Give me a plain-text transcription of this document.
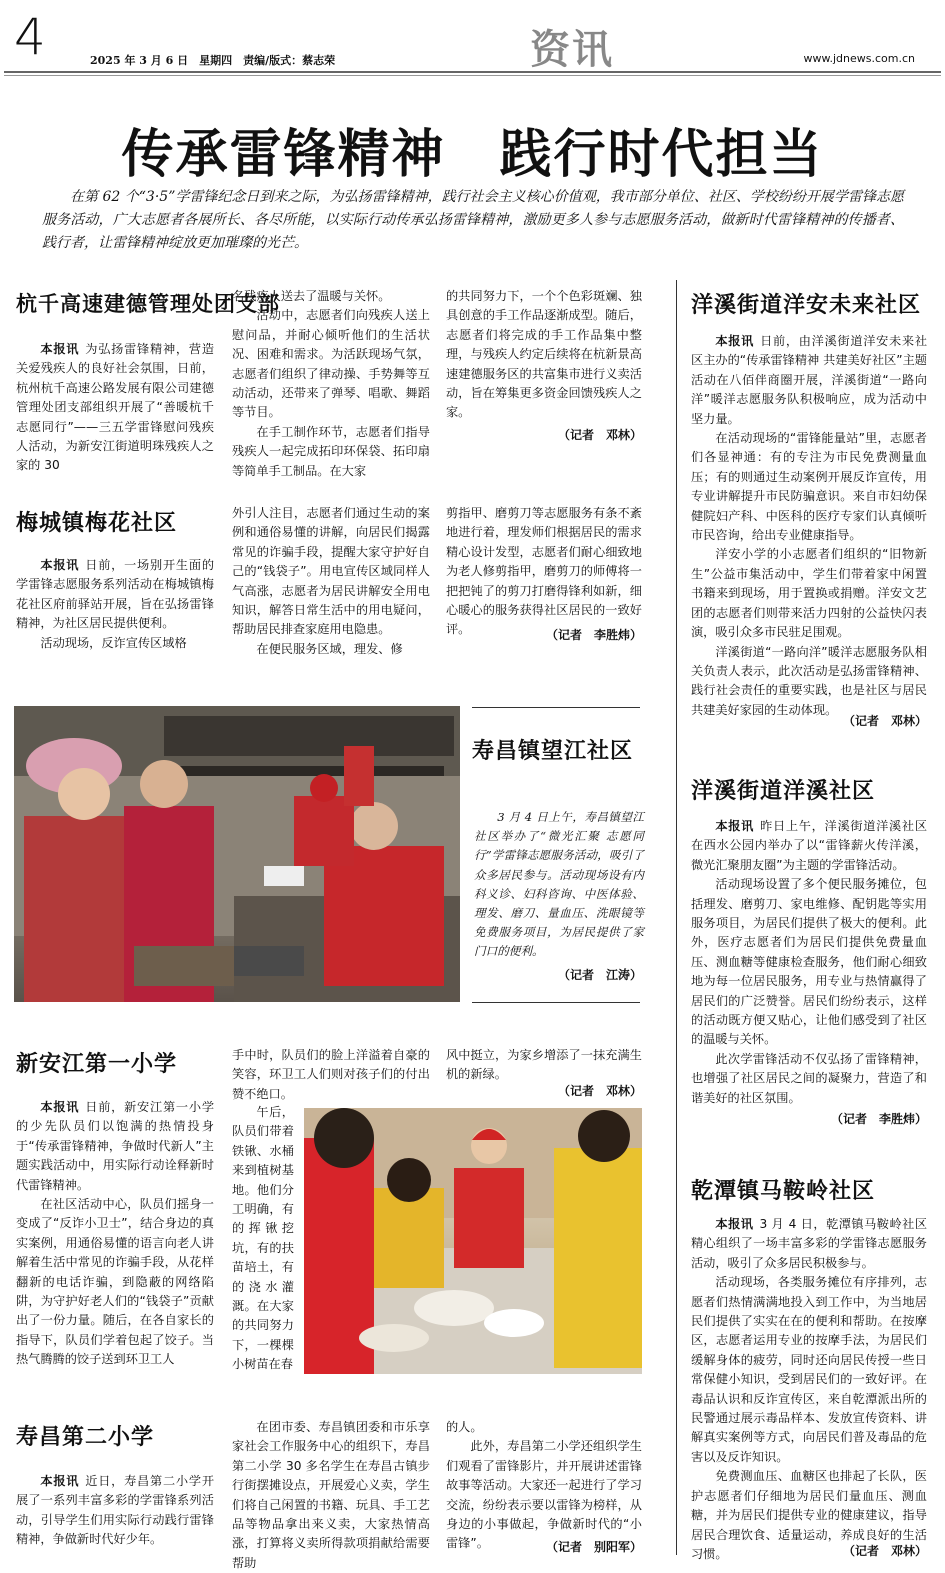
4	2025 年 3 月 6 日　星期四　责编/版式：蔡志荣	资讯	www.jdnews.com.cn
传承雷锋精神　践行时代担当
在第 62 个“3·5”学雷锋纪念日到来之际，为弘扬雷锋精神，践行社会主义核心价值观，我市部分单位、社区、学校纷纷开展学雷锋志愿服务活动，广大志愿者各展所长、各尽所能，以实际行动传承弘扬雷锋精神，激励更多人参与志愿服务活动，做新时代雷锋精神的传播者、践行者，让雷锋精神绽放更加璀璨的光芒。
杭千高速建德管理处团支部

本报讯 为弘扬雷锋精神，营造关爱残疾人的良好社会氛围，日前，杭州杭千高速公路发展有限公司建德管理处团支部组织开展了“善暖杭千 志愿同行”——三五学雷锋慰问残疾人活动，为新安江街道明珠残疾人之家的 30

名残疾人送去了温暖与关怀。

活动中，志愿者们向残疾人送上慰问品，并耐心倾听他们的生活状况、困难和需求。为活跃现场气氛，志愿者们组织了律动操、手势舞等互动活动，还带来了弹琴、唱歌、舞蹈等节目。

在手工制作环节，志愿者们指导残疾人一起完成拓印环保袋、拓印扇等简单手工制品。在大家

的共同努力下，一个个色彩斑斓、独具创意的手工作品逐渐成型。随后，志愿者们将完成的手工作品集中整理，与残疾人约定后续将在杭新景高速建德服务区的共富集市进行义卖活动，旨在筹集更多资金回馈残疾人之家。

（记者　邓林）
梅城镇梅花社区

本报讯 日前，一场别开生面的学雷锋志愿服务系列活动在梅城镇梅花社区府前驿站开展，旨在弘扬雷锋精神，为社区居民提供便利。

活动现场，反诈宣传区域格

外引人注目，志愿者们通过生动的案例和通俗易懂的讲解，向居民们揭露常见的诈骗手段，提醒大家守护好自己的“钱袋子”。用电宣传区域同样人气高涨，志愿者为居民讲解安全用电知识，解答日常生活中的用电疑问，帮助居民排查家庭用电隐患。

在便民服务区域，理发、修

剪指甲、磨剪刀等志愿服务有条不紊地进行着，理发师们根据居民的需求精心设计发型，志愿者们耐心细致地为老人修剪指甲，磨剪刀的师傅将一把把钝了的剪刀打磨得锋利如新，细心暖心的服务获得社区居民的一致好评。	（记者　李胜炜）
寿昌镇望江社区

3 月 4 日上午，寿昌镇望江社区举办了“微光汇聚 志愿同行”学雷锋志愿服务活动，吸引了众多居民参与。活动现场设有内科义诊、妇科咨询、中医体验、理发、磨刀、量血压、洗眼镜等免费服务项目，为居民提供了家门口的便利。

（记者　江涛）
新安江第一小学

本报讯 日前，新安江第一小学的少先队员们以饱满的热情投身于“传承雷锋精神，争做时代新人”主题实践活动中，用实际行动诠释新时代雷锋精神。

在社区活动中心，队员们摇身一变成了“反诈小卫士”，结合身边的真实案例，用通俗易懂的语言向老人讲解着生活中常见的诈骗手段，从花样翻新的电话诈骗，到隐蔽的网络陷阱，为守护好老人们的“钱袋子”贡献出了一份力量。随后，在各自家长的指导下，队员们学着包起了饺子。当热气腾腾的饺子送到环卫工人

手中时，队员们的脸上洋溢着自豪的笑容，环卫工人们则对孩子们的付出赞不绝口。

午后，队员们带着铁锹、水桶来到植树基地。他们分工明确，有的挥锹挖坑，有的扶苗培土，有的浇水灌溉。在大家的共同努力下，一棵棵小树苗在春

风中挺立，为家乡增添了一抹充满生机的新绿。

（记者　邓林）
寿昌第二小学

本报讯 近日，寿昌第二小学开展了一系列丰富多彩的学雷锋系列活动，引导学生们用实际行动践行雷锋精神，争做新时代好少年。

在团市委、寿昌镇团委和市乐享家社会工作服务中心的组织下，寿昌第二小学 30 多名学生在寿昌古镇步行街摆摊设点，开展爱心义卖，学生们将自己闲置的书籍、玩具、手工艺品等物品拿出来义卖，大家热情高涨，打算将义卖所得款项捐献给需要帮助

的人。

此外，寿昌第二小学还组织学生们观看了雷锋影片，并开展讲述雷锋故事等活动。大家还一起进行了学习交流，纷纷表示要以雷锋为榜样，从身边的小事做起，争做新时代的“小雷锋”。	（记者　别阳军）
洋溪街道洋安未来社区

本报讯 日前，由洋溪街道洋安未来社区主办的“传承雷锋精神 共建美好社区”主题活动在八佰伴商圈开展，洋溪街道“一路向洋”暖洋志愿服务队积极响应，成为活动中坚力量。

在活动现场的“雷锋能量站”里，志愿者们各显神通：有的专注为市民免费测量血压；有的则通过生动案例开展反诈宣传，用专业讲解提升市民防骗意识。来自市妇幼保健院妇产科、中医科的医疗专家们认真倾听市民咨询，给出专业健康指导。

洋安小学的小志愿者们组织的“旧物新生”公益市集活动中，学生们带着家中闲置书籍来到现场，用于置换或捐赠。洋安文艺团的志愿者们则带来活力四射的公益快闪表演，吸引众多市民驻足围观。

洋溪街道“一路向洋”暖洋志愿服务队相关负责人表示，此次活动是弘扬雷锋精神、践行社会责任的重要实践，也是社区与居民共建美好家园的生动体现。

（记者　邓林）
洋溪街道洋溪社区

本报讯 昨日上午，洋溪街道洋溪社区在西水公园内举办了以“雷锋薪火传洋溪，微光汇聚朋友圈”为主题的学雷锋活动。

活动现场设置了多个便民服务摊位，包括理发、磨剪刀、家电维修、配钥匙等实用服务项目，为居民们提供了极大的便利。此外，医疗志愿者们为居民们提供免费量血压、测血糖等健康检查服务，他们耐心细致地为每一位居民服务，用专业与热情赢得了居民们的广泛赞誉。居民们纷纷表示，这样的活动既方便又贴心，让他们感受到了社区的温暖与关怀。

此次学雷锋活动不仅弘扬了雷锋精神，也增强了社区居民之间的凝聚力，营造了和谐美好的社区氛围。

（记者　李胜炜）
乾潭镇马鞍岭社区

本报讯 3 月 4 日，乾潭镇马鞍岭社区精心组织了一场丰富多彩的学雷锋志愿服务活动，吸引了众多居民积极参与。

活动现场，各类服务摊位有序排列，志愿者们热情满满地投入到工作中，为当地居民们提供了实实在在的便利和帮助。在按摩区，志愿者运用专业的按摩手法，为居民们缓解身体的疲劳，同时还向居民传授一些日常保健小知识，受到居民们的一致好评。在毒品认识和反诈宣传区，来自乾潭派出所的民警通过展示毒品样本、发放宣传资料、讲解真实案例等方式，向居民们普及毒品的危害以及反诈知识。

免费测血压、血糖区也排起了长队，医护志愿者们仔细地为居民们量血压、测血糖，并为居民们提供专业的健康建议，指导居民合理饮食、适量运动，养成良好的生活习惯。	（记者　邓林）
